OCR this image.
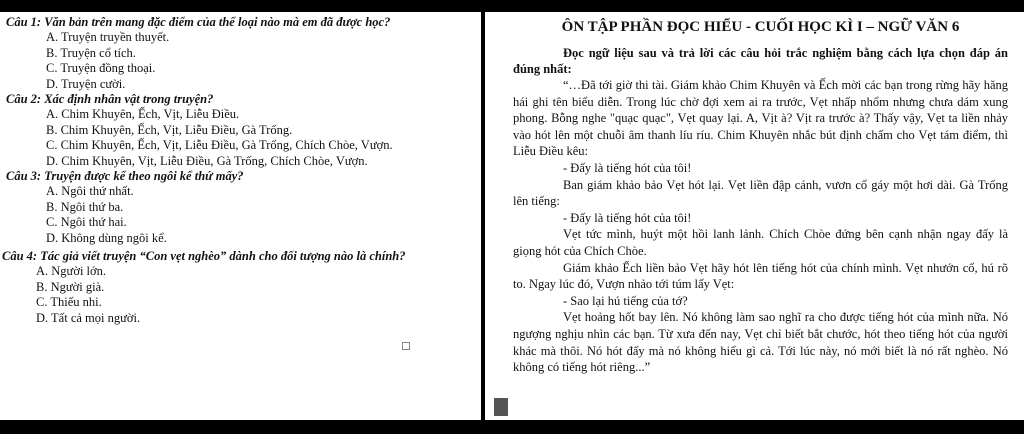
Câu 1: Văn bản trên mang đặc điểm của thể loại nào mà em đã được học?

A. Truyện truyền thuyết.

B. Truyện cổ tích.

C. Truyện đồng thoại.

D. Truyện cười.

Câu 2: Xác định nhân vật trong truyện?

A. Chim Khuyên, Ếch, Vịt, Liễu Điều.

B. Chim Khuyên, Ếch, Vịt, Liễu Điều, Gà Trống.

C. Chim Khuyên, Ếch, Vịt, Liễu Điều, Gà Trống, Chích Chòe, Vượn.

D. Chim Khuyên, Vịt, Liễu Điều, Gà Trống, Chích Chòe, Vượn.

Câu 3: Truyện được kể theo ngôi kể thứ mấy?

A. Ngôi thứ nhất.

B. Ngôi thứ ba.

C. Ngôi thứ hai.

D. Không dùng ngôi kể.

Câu 4: Tác giả viết truyện “Con vẹt nghèo” dành cho đối tượng nào là chính?

A. Người lớn.

B. Người già.

C. Thiếu nhi.

D. Tất cả mọi người.

ÔN TẬP PHẦN ĐỌC HIỂU - CUỐI HỌC KÌ I – NGỮ VĂN 6

Đọc ngữ liệu sau và trả lời các câu hỏi trắc nghiệm bằng cách lựa chọn đáp án đúng nhất:

“…Đã tới giờ thi tài. Giám khảo Chim Khuyên và Ếch mời các bạn trong rừng hãy hăng hái ghi tên biểu diễn. Trong lúc chờ đợi xem ai ra trước, Vẹt nhấp nhổm nhưng chưa dám xung phong. Bỗng nghe "quạc quạc", Vẹt quay lại. A, Vịt à? Vịt ra trước à? Thấy vậy, Vẹt ta liền nhảy vào hót lên một chuỗi âm thanh líu ríu. Chim Khuyên nhắc bút định chấm cho Vẹt tám điểm, thì Liễu Điều kêu:

- Đấy là tiếng hót của tôi!

Ban giám khảo bảo Vẹt hót lại. Vẹt liền đập cánh, vươn cổ gáy một hơi dài. Gà Trống lên tiếng:

- Đấy là tiếng hót của tôi!

Vẹt tức mình, huýt một hồi lanh lảnh. Chích Chòe đứng bên cạnh nhận ngay đấy là giọng hót của Chích Chòe.

Giám khảo Ếch liền bảo Vẹt hãy hót lên tiếng hót của chính mình. Vẹt nhướn cổ, hú rõ to. Ngay lúc đó, Vượn nhảo tới túm lấy Vẹt:

- Sao lại hú tiếng của tớ?

Vẹt hoảng hốt bay lên. Nó không làm sao nghĩ ra cho được tiếng hót của mình nữa. Nó ngượng nghịu nhìn các bạn. Từ xưa đến nay, Vẹt chỉ biết bắt chước, hót theo tiếng hót của người khác mà thôi. Nó hót đấy mà nó không hiểu gì cả. Tới lúc này, nó mới biết là nó rất nghèo. Nó không có tiếng hót riêng...”
